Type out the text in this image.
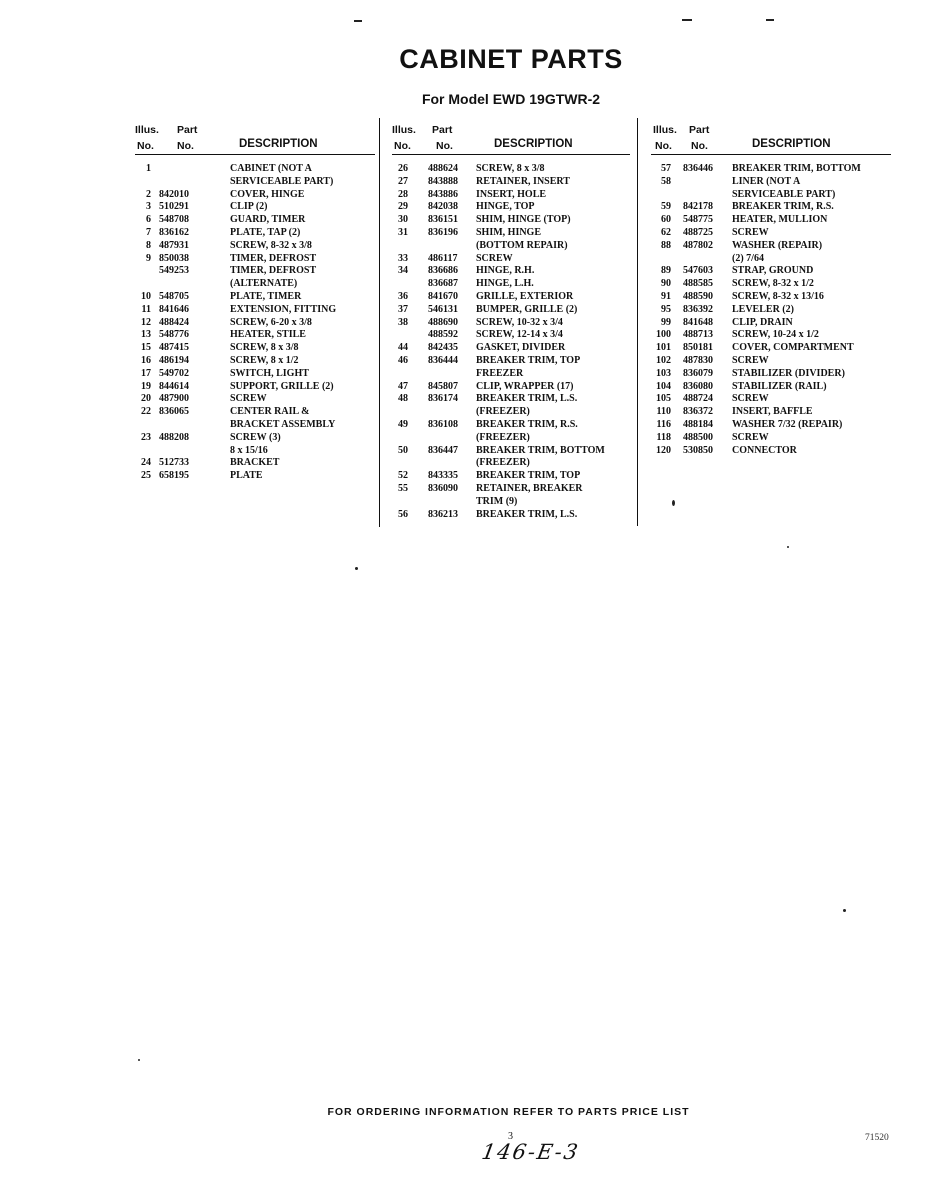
CABINET PARTS
For Model EWD 19GTWR-2
Illus.
No.
Part
No.	DESCRIPTION
1	CABINET (NOT A
SERVICEABLE PART)
2 842010	COVER, HINGE
3 510291	CLIP (2)
6 548708	GUARD, TIMER
7 836162	PLATE, TAP (2)
8 487931	SCREW, 8-32 x 3/8
9 850038	TIMER, DEFROST
549253	TIMER, DEFROST
(ALTERNATE)
10 548705	PLATE, TIMER
11 841646	EXTENSION, FITTING
12 488424	SCREW, 6-20 x 3/8
13 548776	HEATER, STILE
15 487415	SCREW, 8 x 3/8
16 486194	SCREW, 8 x 1/2
17 549702	SWITCH, LIGHT
19 844614	SUPPORT, GRILLE (2)
20 487900	SCREW
22 836065	CENTER RAIL &
BRACKET ASSEMBLY
23 488208	SCREW (3)
8 x 15/16
24 512733	BRACKET
25 658195	PLATE
Illus.
No.
Part
No.	DESCRIPTION
26 488624 SCREW, 8 x 3/8
27 843888 RETAINER, INSERT
28 843886 INSERT, HOLE
29 842038 HINGE, TOP
30 836151 SHIM, HINGE (TOP)
31 836196 SHIM, HINGE
(BOTTOM REPAIR)
33 486117 SCREW
34 836686 HINGE, R.H.
836687 HINGE, L.H.
36 841670 GRILLE, EXTERIOR
37 546131 BUMPER, GRILLE (2)
38 488690 SCREW, 10-32 x 3/4
488592 SCREW, 12-14 x 3/4
44 842435 GASKET, DIVIDER
46 836444 BREAKER TRIM, TOP
FREEZER
47 845807 CLIP, WRAPPER (17)
48 836174 BREAKER TRIM, L.S.
(FREEZER)
49 836108 BREAKER TRIM, R.S.
(FREEZER)
50 836447 BREAKER TRIM, BOTTOM
(FREEZER)
52 843335 BREAKER TRIM, TOP
55 836090 RETAINER, BREAKER
TRIM (9)
56 836213 BREAKER TRIM, L.S.
Illus.
No.
Part
No.	DESCRIPTION
57 836446 BREAKER TRIM, BOTTOM
58	LINER (NOT A
SERVICEABLE PART)
59 842178 BREAKER TRIM, R.S.
60 548775 HEATER, MULLION
62 488725 SCREW
88 487802 WASHER (REPAIR)
(2) 7/64
89 547603 STRAP, GROUND
90 488585 SCREW, 8-32 x 1/2
91 488590 SCREW, 8-32 x 13/16
95 836392 LEVELER (2)
99 841648 CLIP, DRAIN
100 488713 SCREW, 10-24 x 1/2
101 850181 COVER, COMPARTMENT
102 487830 SCREW
103 836079 STABILIZER (DIVIDER)
104 836080 STABILIZER (RAIL)
105 488724 SCREW
110 836372 INSERT, BAFFLE
116 488184 WASHER 7/32 (REPAIR)
118 488500 SCREW
120 530850 CONNECTOR
FOR ORDERING INFORMATION REFER TO PARTS PRICE LIST
3
146-E-3
71520
